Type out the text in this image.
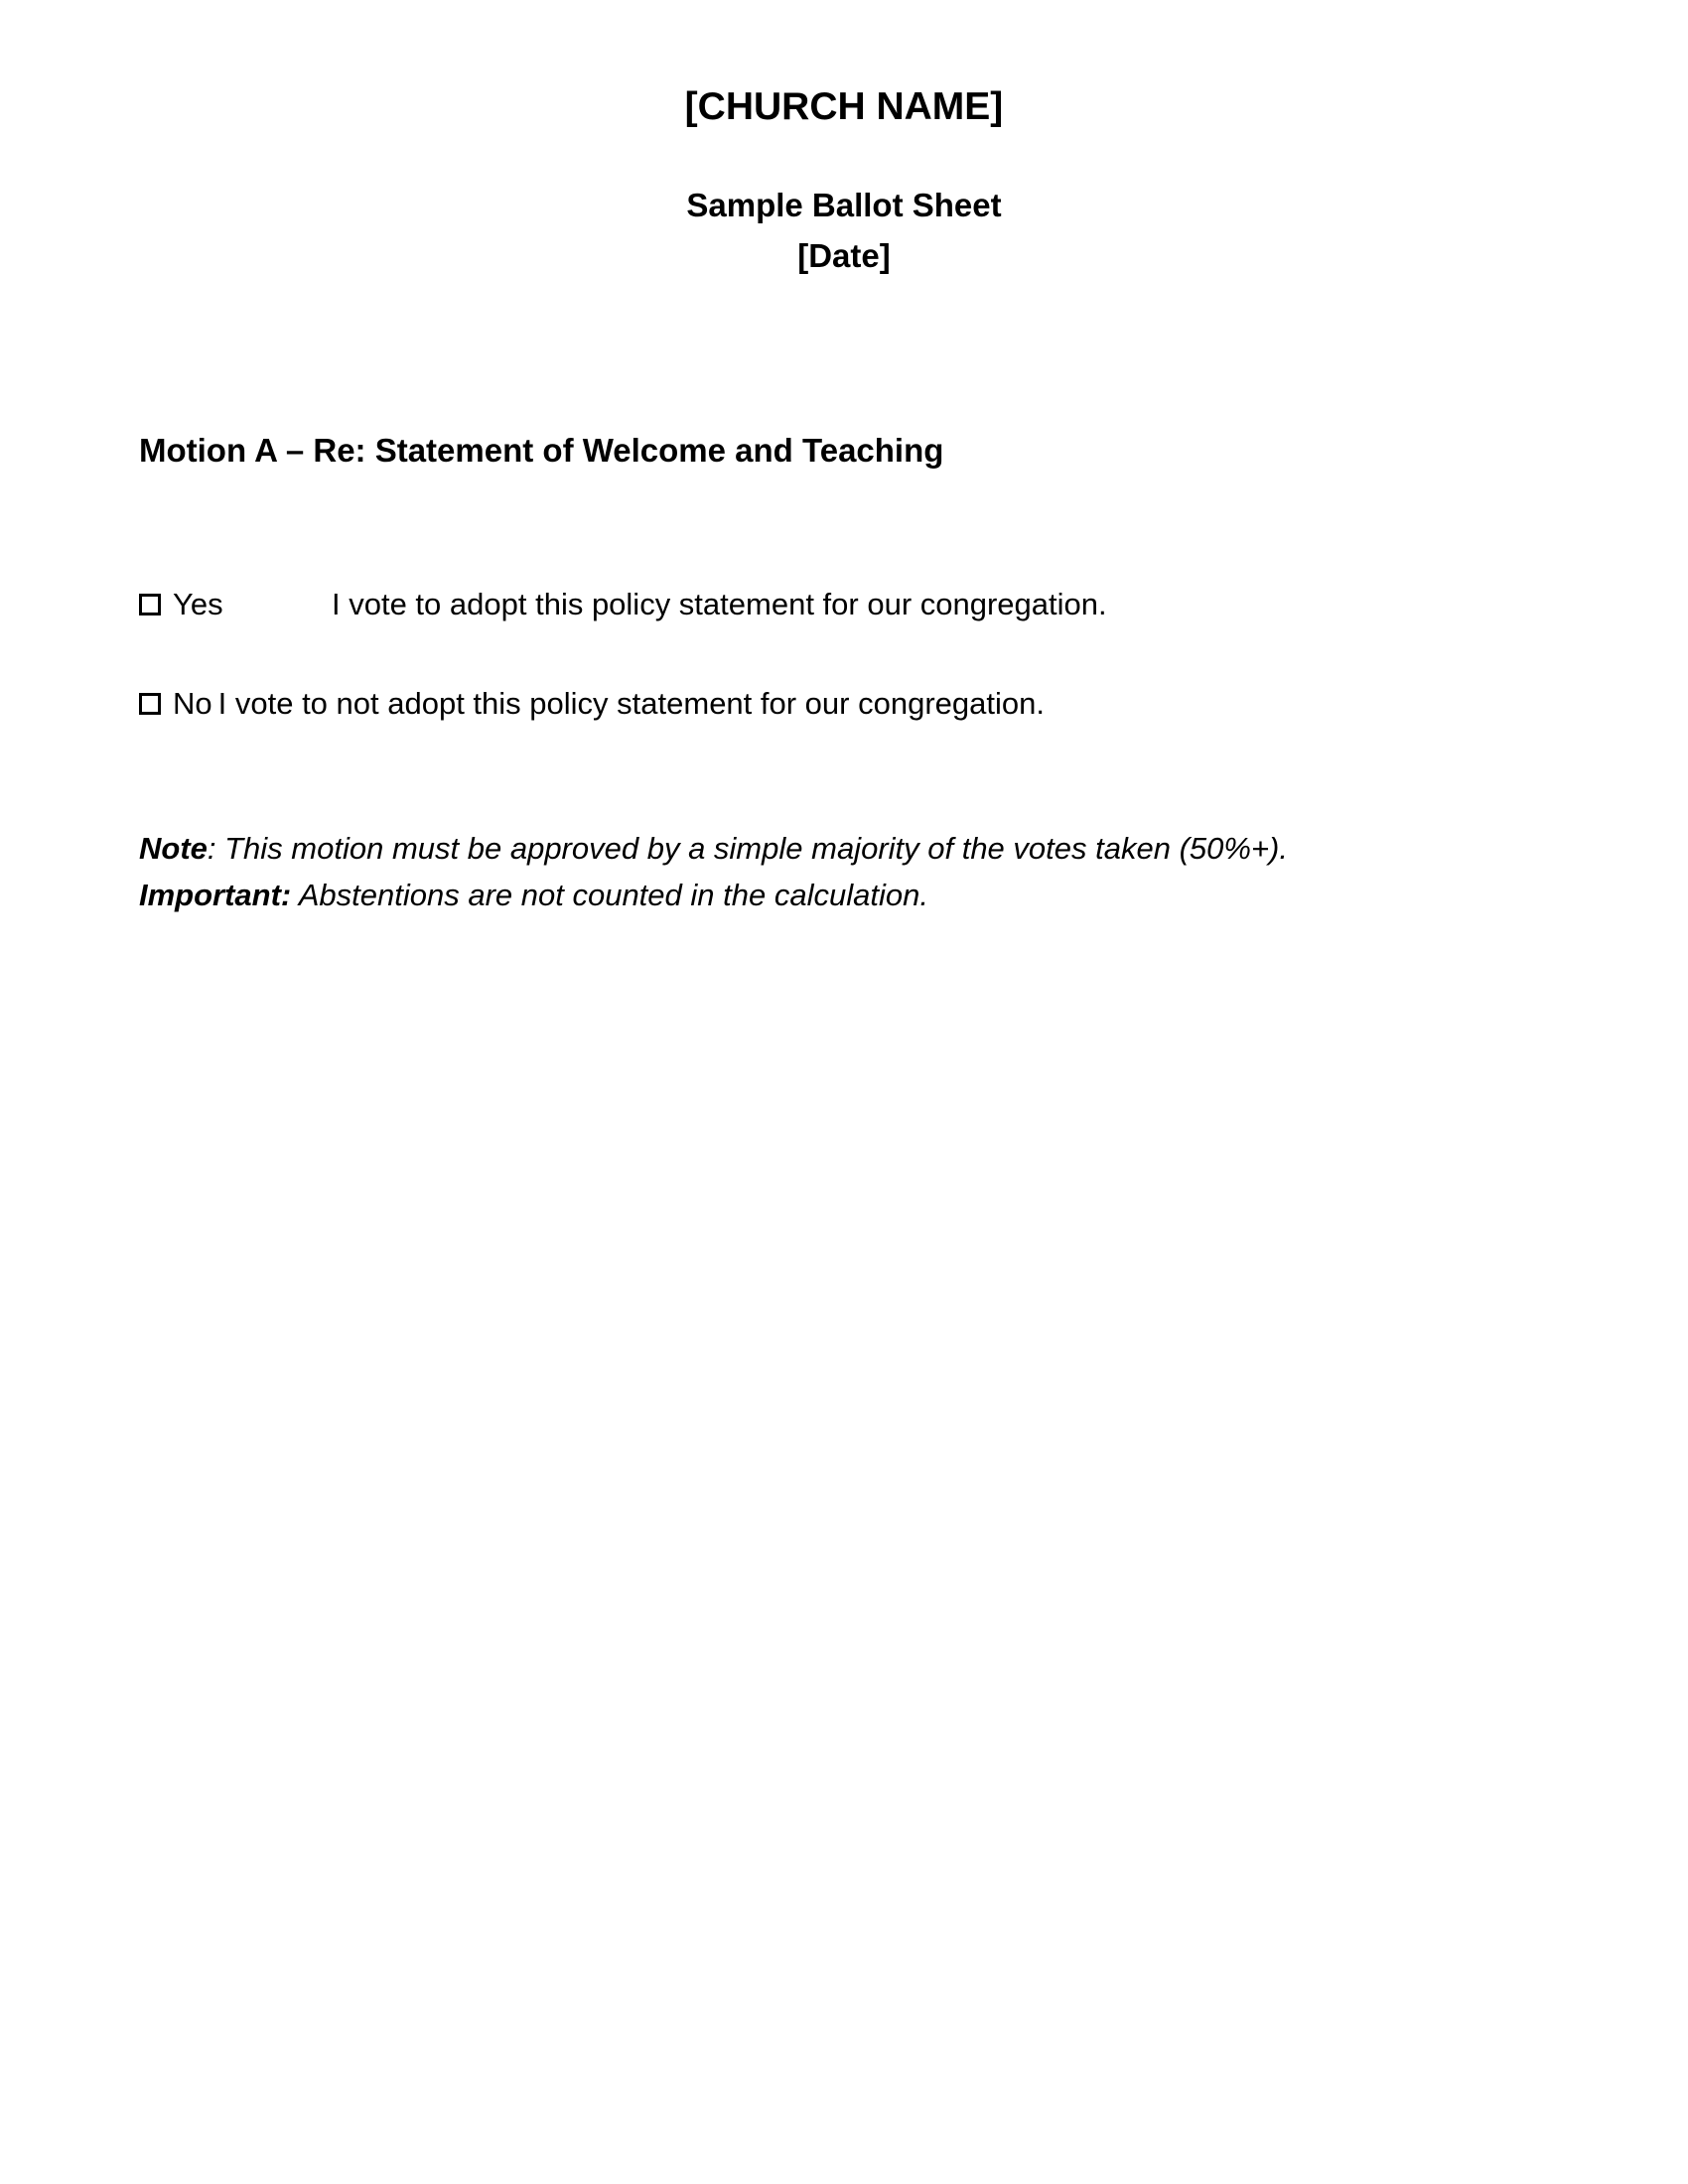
[CHURCH NAME]
Sample Ballot Sheet
[Date]
Motion A – Re: Statement of Welcome and Teaching
Yes	I vote to adopt this policy statement for our congregation.
No I vote to not adopt this policy statement for our congregation.
Note: This motion must be approved by a simple majority of the votes taken (50%+).
Important: Abstentions are not counted in the calculation.
